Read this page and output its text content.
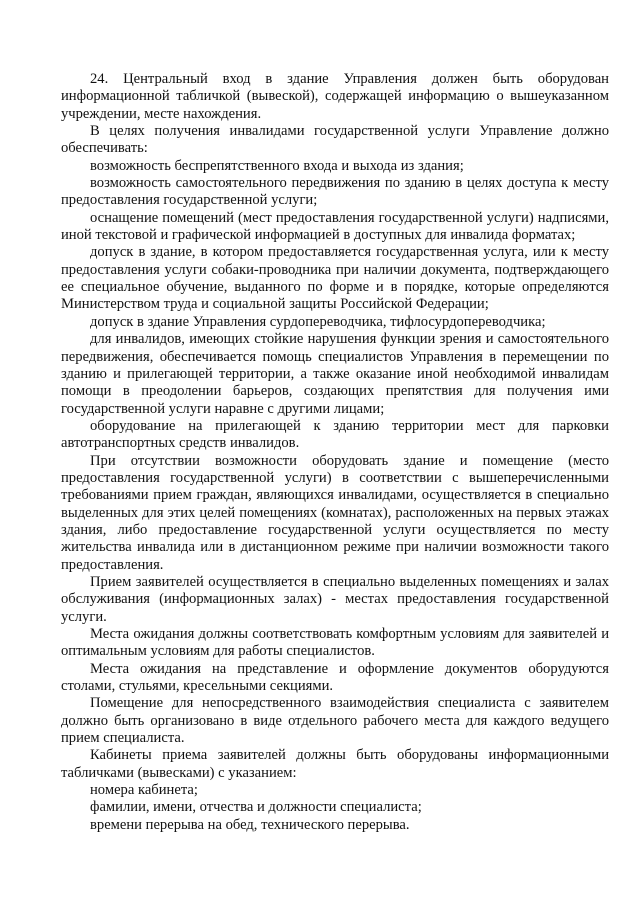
24. Центральный вход в здание Управления должен быть оборудован информационной табличкой (вывеской), содержащей информацию о вышеуказанном учреждении, месте нахождения.

В целях получения инвалидами государственной услуги Управление должно обеспечивать:

возможность беспрепятственного входа и выхода из здания;

возможность самостоятельного передвижения по зданию в целях доступа к месту предоставления государственной услуги;

оснащение помещений (мест предоставления государственной услуги) надписями, иной текстовой и графической информацией в доступных для инвалида форматах;

допуск в здание, в котором предоставляется государственная услуга, или к месту предоставления услуги собаки-проводника при наличии документа, подтверждающего ее специальное обучение, выданного по форме и в порядке, которые определяются Министерством труда и социальной защиты Российской Федерации;

допуск в здание Управления сурдопереводчика, тифлосурдопереводчика;

для инвалидов, имеющих стойкие нарушения функции зрения и самостоятельного передвижения, обеспечивается помощь специалистов Управления в перемещении по зданию и прилегающей территории, а также оказание иной необходимой инвалидам помощи в преодолении барьеров, создающих препятствия для получения ими государственной услуги наравне с другими лицами;

оборудование на прилегающей к зданию территории мест для парковки автотранспортных средств инвалидов.

При отсутствии возможности оборудовать здание и помещение (место предоставления государственной услуги) в соответствии с вышеперечисленными требованиями прием граждан, являющихся инвалидами, осуществляется в специально выделенных для этих целей помещениях (комнатах), расположенных на первых этажах здания, либо предоставление государственной услуги осуществляется по месту жительства инвалида или в дистанционном режиме при наличии возможности такого предоставления.

Прием заявителей осуществляется в специально выделенных помещениях и залах обслуживания (информационных залах) - местах предоставления государственной услуги.

Места ожидания должны соответствовать комфортным условиям для заявителей и оптимальным условиям для работы специалистов.

Места ожидания на представление и оформление документов оборудуются столами, стульями, кресельными секциями.

Помещение для непосредственного взаимодействия специалиста с заявителем должно быть организовано в виде отдельного рабочего места для каждого ведущего прием специалиста.

Кабинеты приема заявителей должны быть оборудованы информационными табличками (вывесками) с указанием:

номера кабинета;

фамилии, имени, отчества и должности специалиста;

времени перерыва на обед, технического перерыва.
